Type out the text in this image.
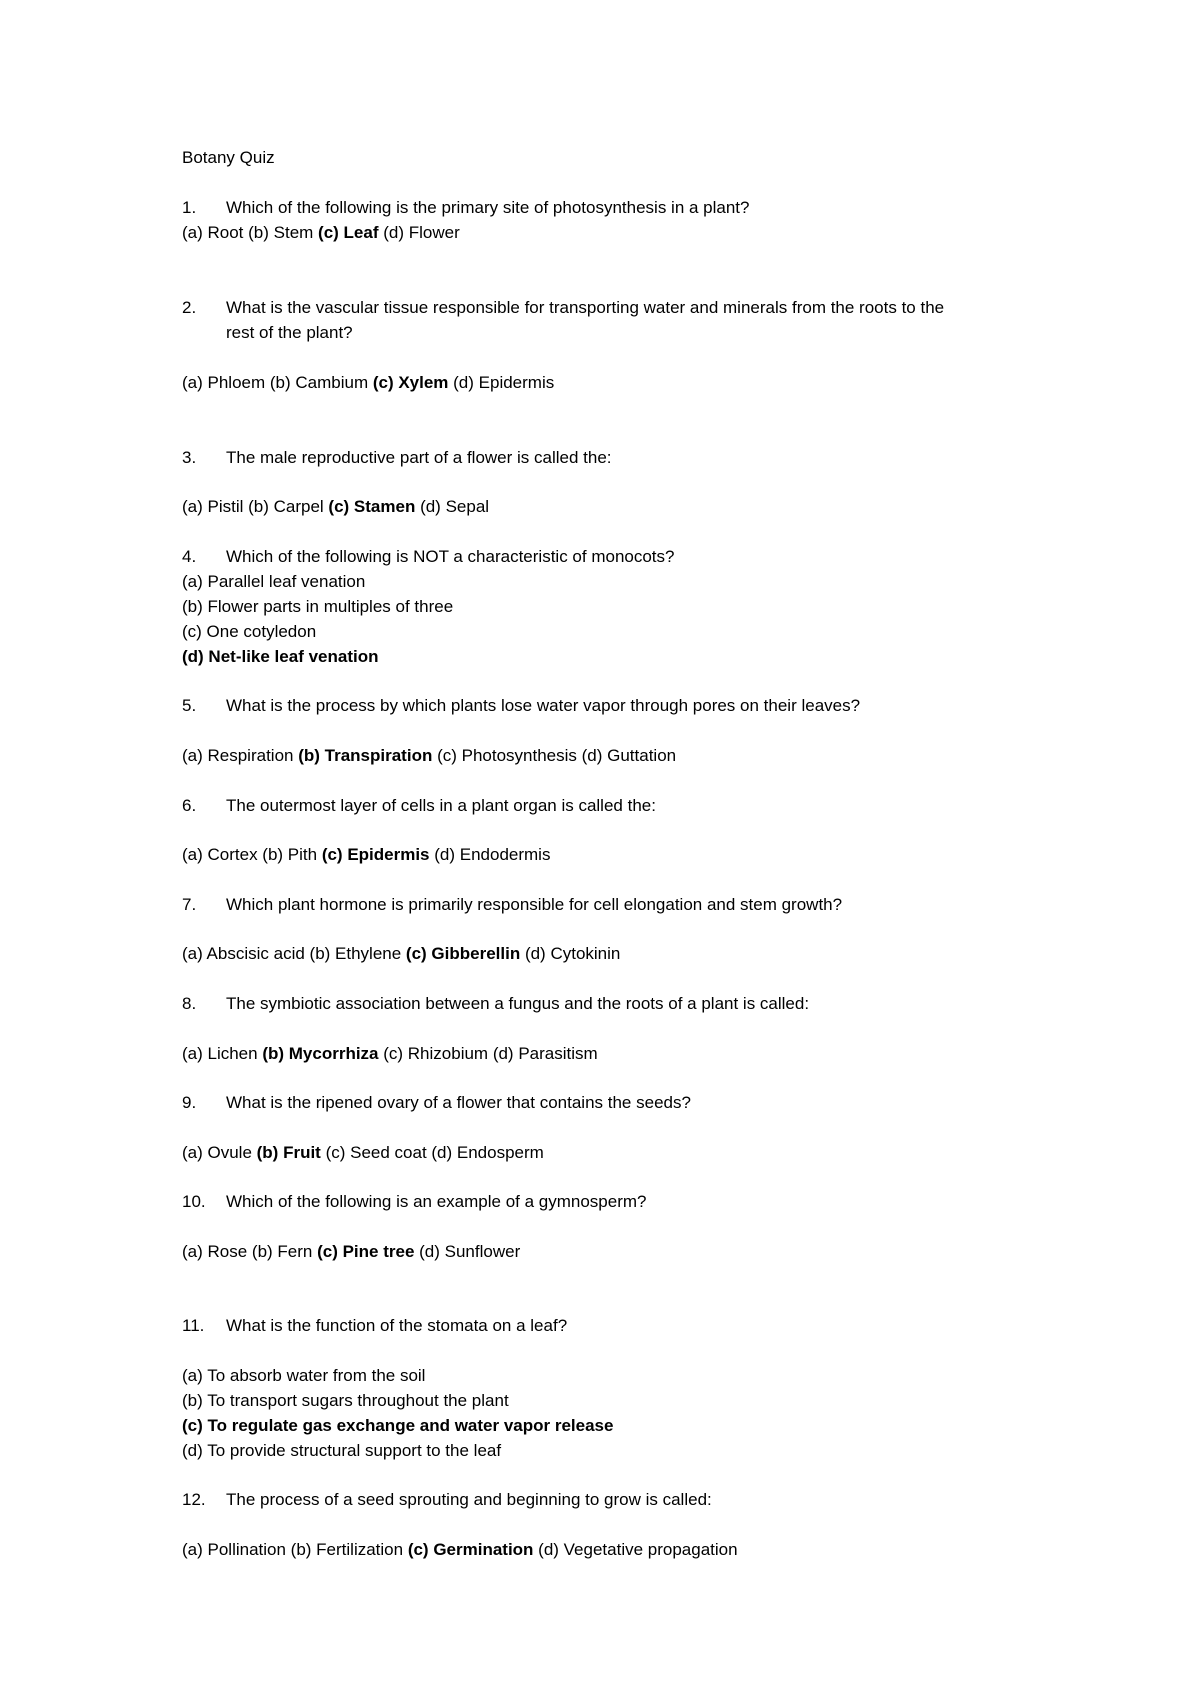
Botany Quiz
1. Which of the following is the primary site of photosynthesis in a plant?
(a) Root (b) Stem (c) Leaf (d) Flower
2. What is the vascular tissue responsible for transporting water and minerals from the roots to the
rest of the plant?
(a) Phloem (b) Cambium (c) Xylem (d) Epidermis
3. The male reproductive part of a flower is called the:
(a) Pistil (b) Carpel (c) Stamen (d) Sepal
4. Which of the following is NOT a characteristic of monocots?
(a) Parallel leaf venation
(b) Flower parts in multiples of three
(c) One cotyledon
(d) Net-like leaf venation
5. What is the process by which plants lose water vapor through pores on their leaves?
(a) Respiration (b) Transpiration (c) Photosynthesis (d) Guttation
6. The outermost layer of cells in a plant organ is called the:
(a) Cortex (b) Pith (c) Epidermis (d) Endodermis
7. Which plant hormone is primarily responsible for cell elongation and stem growth?
(a) Abscisic acid (b) Ethylene (c) Gibberellin (d) Cytokinin
8. The symbiotic association between a fungus and the roots of a plant is called:
(a) Lichen (b) Mycorrhiza (c) Rhizobium (d) Parasitism
9. What is the ripened ovary of a flower that contains the seeds?
(a) Ovule (b) Fruit (c) Seed coat (d) Endosperm
10. Which of the following is an example of a gymnosperm?
(a) Rose (b) Fern (c) Pine tree (d) Sunflower
11. What is the function of the stomata on a leaf?
(a) To absorb water from the soil
(b) To transport sugars throughout the plant
(c) To regulate gas exchange and water vapor release
(d) To provide structural support to the leaf
12. The process of a seed sprouting and beginning to grow is called:
(a) Pollination (b) Fertilization (c) Germination (d) Vegetative propagation
